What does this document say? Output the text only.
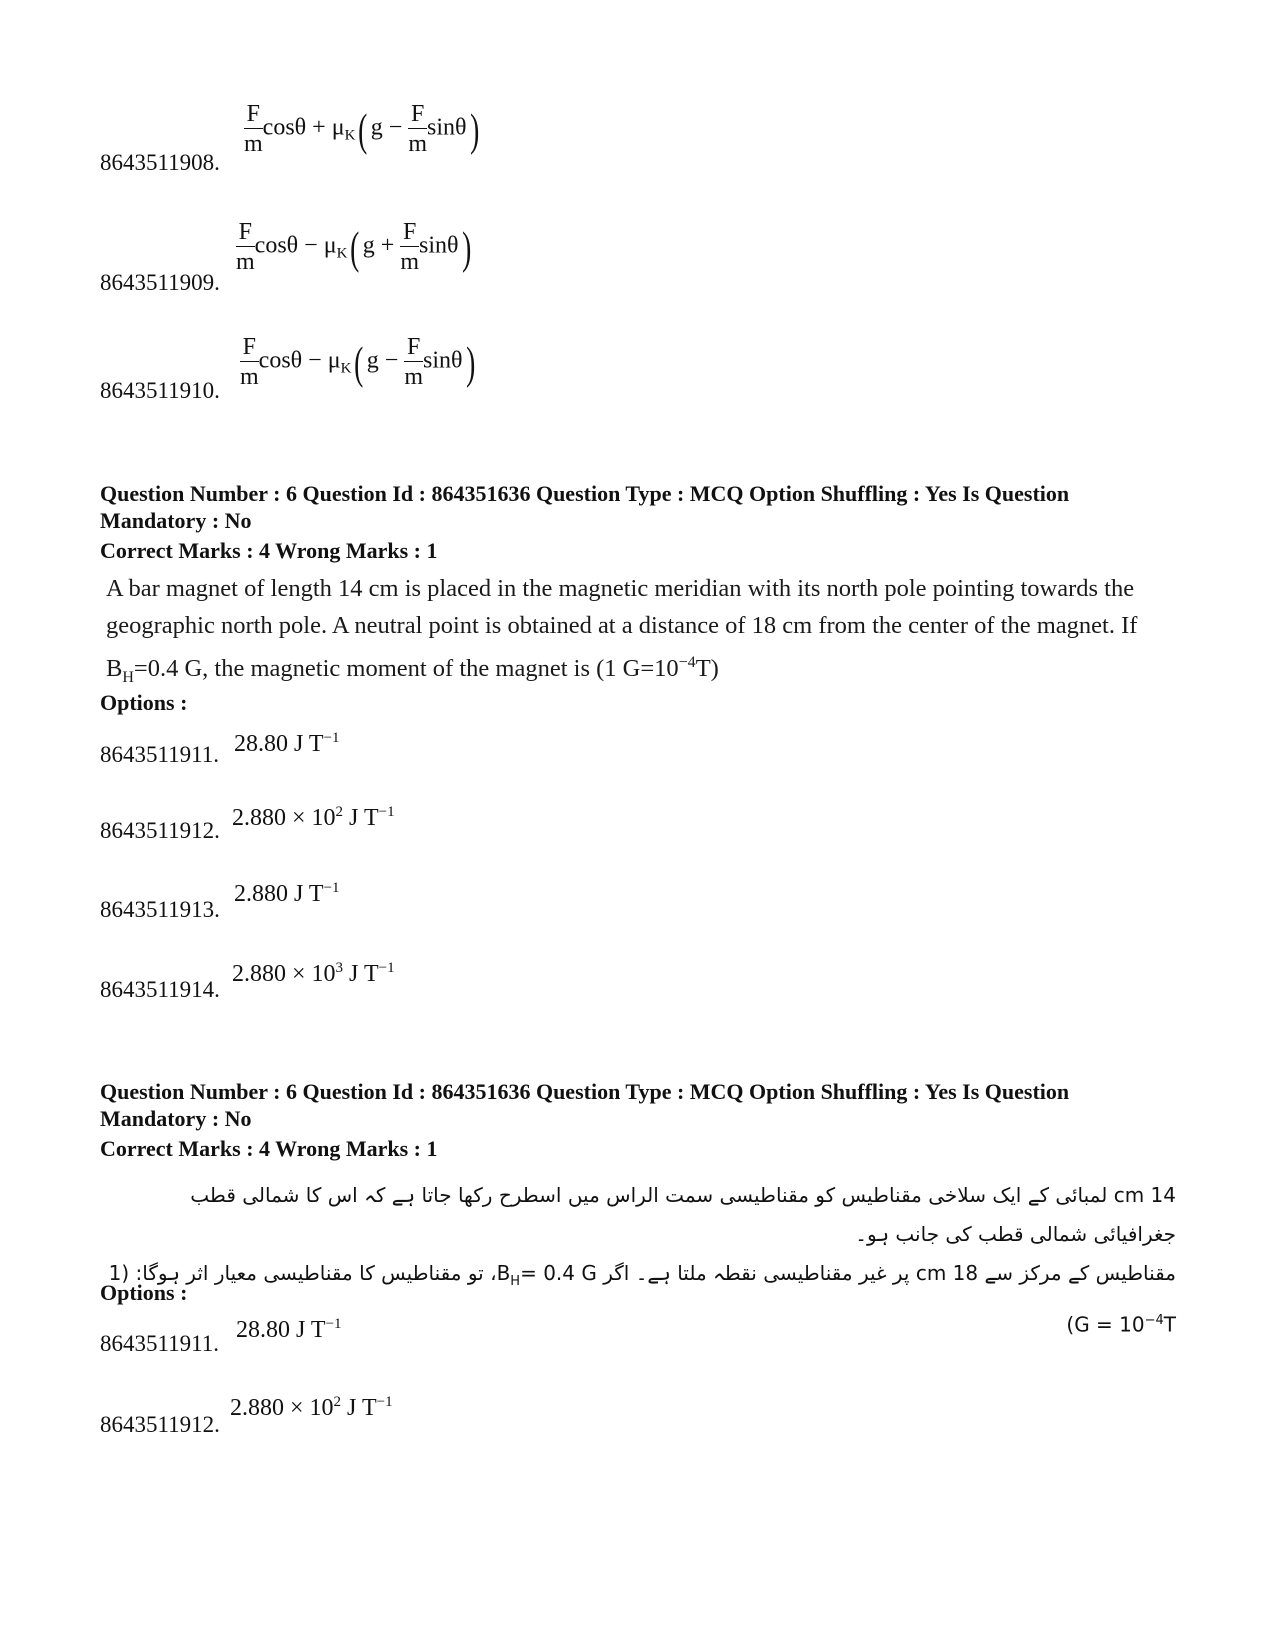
8643511908.
$\frac{F}{m}$ $\cos\theta + \mu_K$( $g - \frac{F}{m} \sin\theta$)
8643511909.
$\frac{F}{m}$ $\cos\theta - \mu_K$( $g + \frac{F}{m} \sin\theta$)
8643511910.
$\frac{F}{m}$ $\cos\theta - \mu_K$( $g - \frac{F}{m} \sin\theta$)
Question Number : 6 Question Id : 864351636 Question Type : MCQ Option Shuffling : Yes Is Question Mandatory : No
Correct Marks : 4 Wrong Marks : 1
A bar magnet of length 14 cm is placed in the magnetic meridian with its north pole pointing towards the geographic north pole. A neutral point is obtained at a distance of 18 cm from the center of the magnet. If $B_H=0.4$ G, the magnetic moment of the magnet is (1 $G=10^{-4}T$)
Options :
8643511911. 28.80 J $T^{-1}$
8643511912. $2.880 \times 10^2$ J $T^{-1}$
8643511913.
2.880 J $T^{-1}$
8643511914.
$2.880 \times 10^3$ J $T^{-1}$
Question Number : 6 Question Id : 864351636 Question Type : MCQ Option Shuffling : Yes Is Question Mandatory : No
Correct Marks : 4 Wrong Marks : 1
14 cm لمبائی کے ایک سلاخی مقناطیس کو مقناطیسی سمت الراس میں اسطرح رکھا جاتا ہے کہ اس کا شمالی قطب جغرافیائی شمالی قطب کی جانب ہو۔
مقناطیس کے مرکز سے 18 cm پر غیر مقناطیسی نقطہ ملتا ہے۔ اگر $B_H= 0.4$ G، تو مقناطیس کا مقناطیسی معیار اثر ہوگا: (1 $G = 10^{-4}T$)
Options :
8643511911.
28.80 J $T^{-1}$
8643511912.
$2.880 \times 10^2$ J $T^{-1}$
